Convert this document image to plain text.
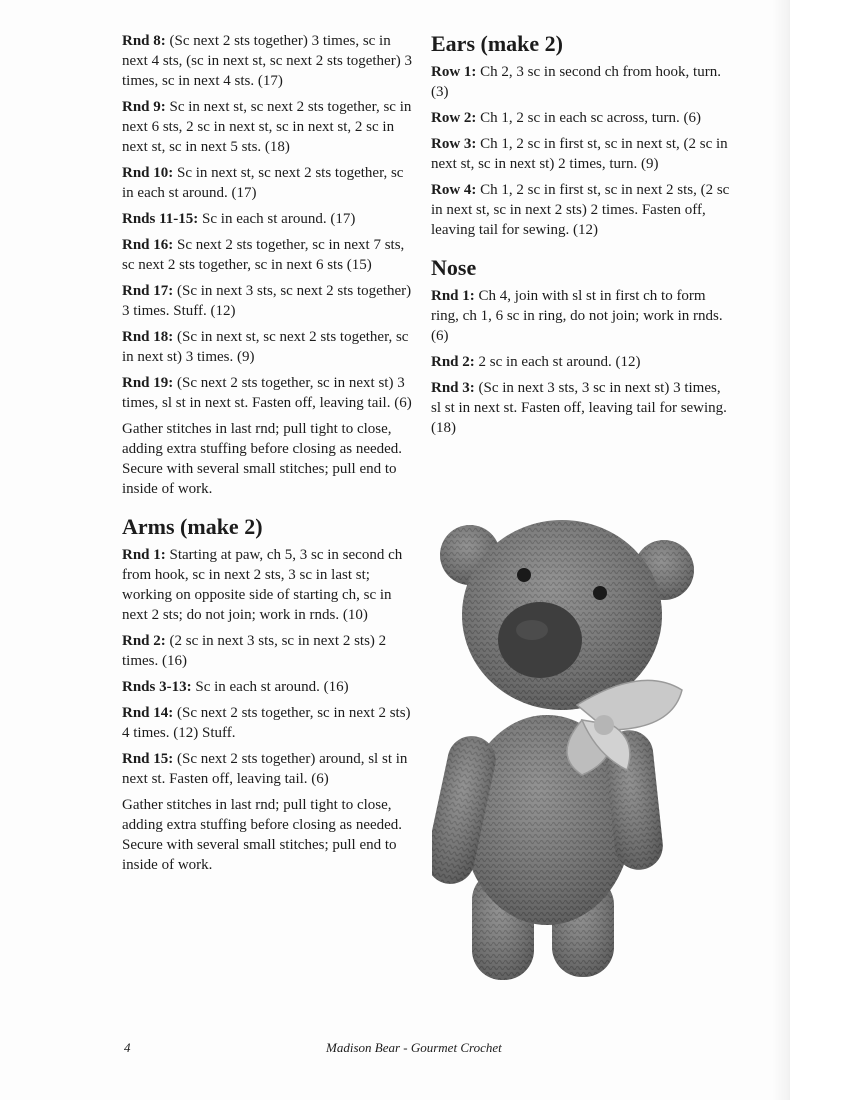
Rnd 8: (Sc next 2 sts together) 3 times, sc in next 4 sts, (sc in next st, sc next 2 sts together) 3 times, sc in next 4 sts. (17)

Rnd 9: Sc in next st, sc next 2 sts together, sc in next 6 sts, 2 sc in next st, sc in next st, 2 sc in next st, sc in next 5 sts. (18)

Rnd 10: Sc in next st, sc next 2 sts together, sc in each st around. (17)

Rnds 11-15: Sc in each st around. (17)

Rnd 16: Sc next 2 sts together, sc in next 7 sts, sc next 2 sts together, sc in next 6 sts (15)

Rnd 17: (Sc in next 3 sts, sc next 2 sts together) 3 times. Stuff. (12)

Rnd 18: (Sc in next st, sc next 2 sts together, sc in next st) 3 times. (9)

Rnd 19: (Sc next 2 sts together, sc in next st) 3 times, sl st in next st. Fasten off, leaving tail. (6)

Gather stitches in last rnd; pull tight to close, adding extra stuffing before closing as needed. Secure with several small stitches; pull end to inside of work.

Arms (make 2)

Rnd 1: Starting at paw, ch 5, 3 sc in second ch from hook, sc in next 2 sts, 3 sc in last st; working on opposite side of starting ch, sc in next 2 sts; do not join; work in rnds. (10)

Rnd 2: (2 sc in next 3 sts, sc in next 2 sts) 2 times. (16)

Rnds 3-13: Sc in each st around. (16)

Rnd 14: (Sc next 2 sts together, sc in next 2 sts) 4 times. (12) Stuff.

Rnd 15: (Sc next 2 sts together) around, sl st in next st. Fasten off, leaving tail. (6)

Gather stitches in last rnd; pull tight to close, adding extra stuffing before closing as needed. Secure with several small stitches; pull end to inside of work.

Ears (make 2)

Row 1: Ch 2, 3 sc in second ch from hook, turn. (3)

Row 2: Ch 1, 2 sc in each sc across, turn. (6)

Row 3: Ch 1, 2 sc in first st, sc in next st, (2 sc in next st, sc in next st) 2 times, turn. (9)

Row 4: Ch 1, 2 sc in first st, sc in next 2 sts, (2 sc in next st, sc in next 2 sts) 2 times. Fasten off, leaving tail for sewing. (12)

Nose

Rnd 1: Ch 4, join with sl st in first ch to form ring, ch 1, 6 sc in ring, do not join; work in rnds. (6)

Rnd 2: 2 sc in each st around. (12)

Rnd 3: (Sc in next 3 sts, 3 sc in next st) 3 times, sl st in next st. Fasten off, leaving tail for sewing. (18)

4	Madison Bear - Gourmet Crochet
